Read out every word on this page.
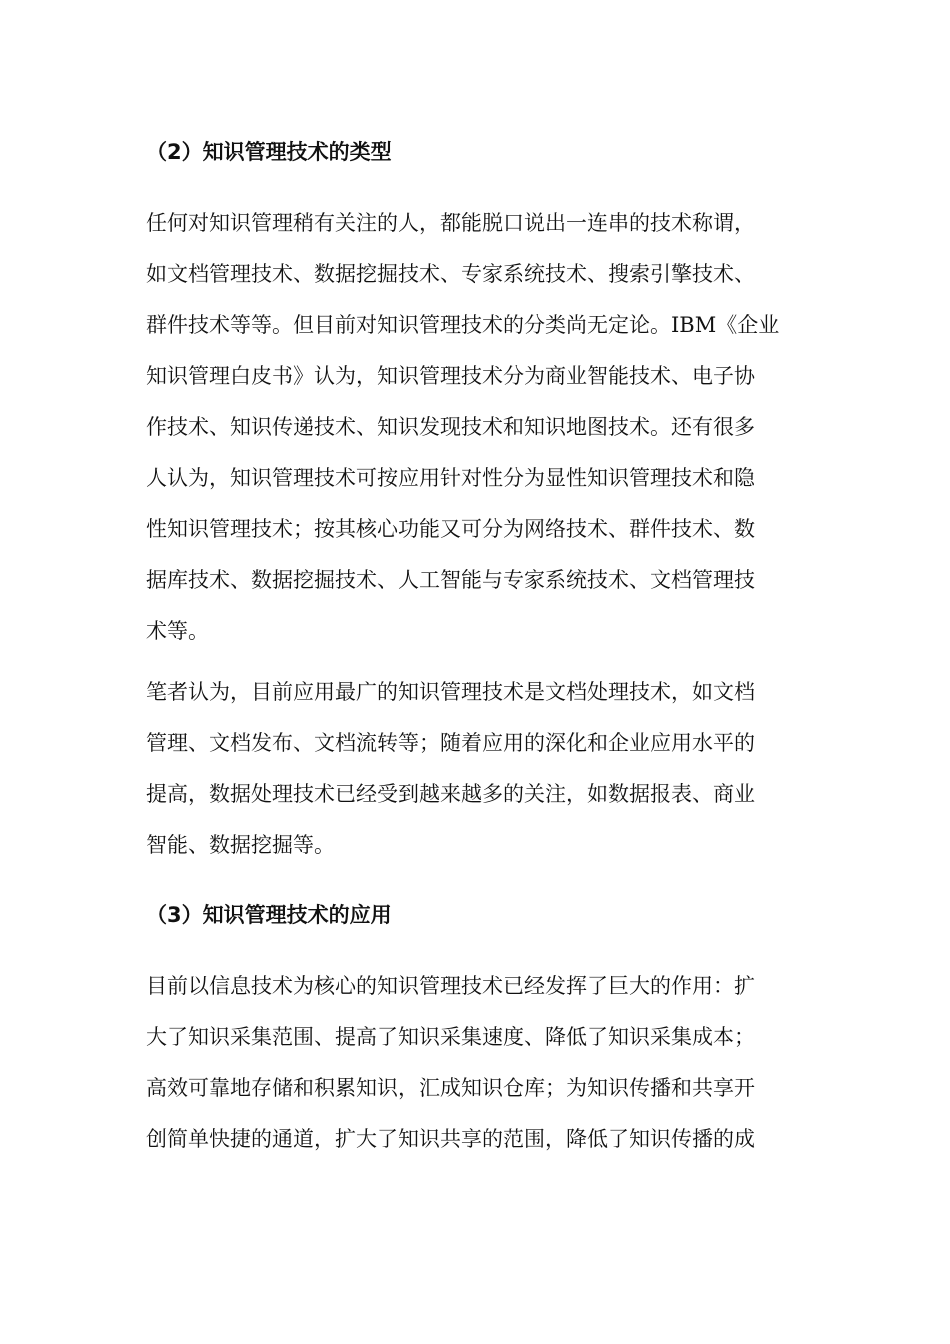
（2）知识管理技术的类型
任何对知识管理稍有关注的人，都能脱口说出一连串的技术称谓，
如文档管理技术、数据挖掘技术、专家系统技术、搜索引擎技术、
群件技术等等。但目前对知识管理技术的分类尚无定论。IBM《企业
知识管理白皮书》认为，知识管理技术分为商业智能技术、电子协
作技术、知识传递技术、知识发现技术和知识地图技术。还有很多
人认为，知识管理技术可按应用针对性分为显性知识管理技术和隐
性知识管理技术；按其核心功能又可分为网络技术、群件技术、数
据库技术、数据挖掘技术、人工智能与专家系统技术、文档管理技
术等。
笔者认为，目前应用最广的知识管理技术是文档处理技术，如文档
管理、文档发布、文档流转等；随着应用的深化和企业应用水平的
提高，数据处理技术已经受到越来越多的关注，如数据报表、商业
智能、数据挖掘等。
（3）知识管理技术的应用
目前以信息技术为核心的知识管理技术已经发挥了巨大的作用：扩
大了知识采集范围、提高了知识采集速度、降低了知识采集成本；
高效可靠地存储和积累知识，汇成知识仓库；为知识传播和共享开
创简单快捷的通道，扩大了知识共享的范围，降低了知识传播的成
